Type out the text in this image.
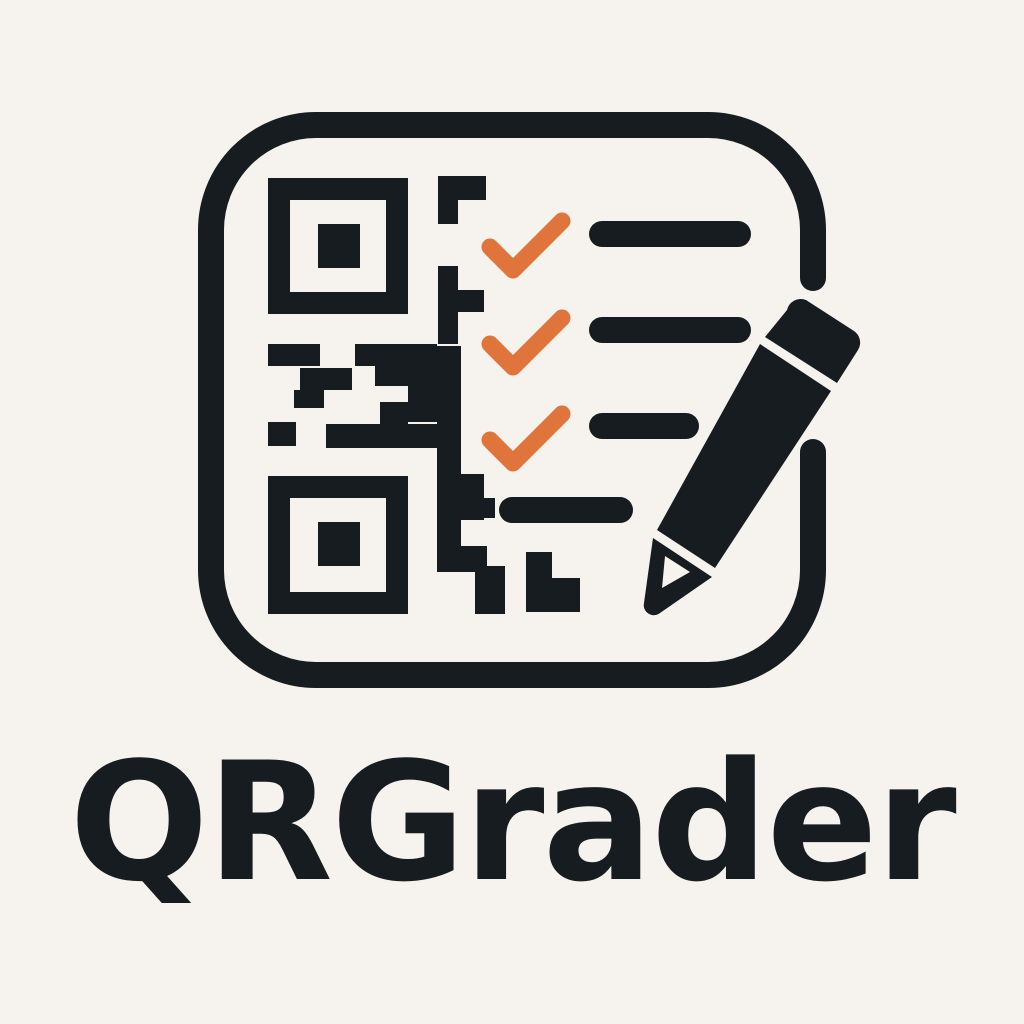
QRGrader
